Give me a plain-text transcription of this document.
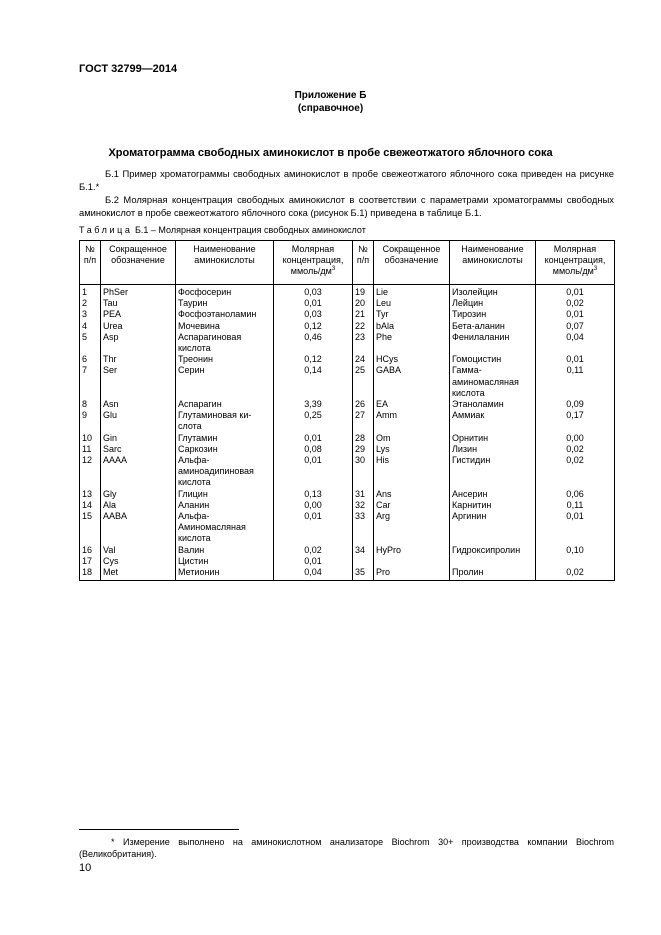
ГОСТ 32799—2014
Приложение Б
(справочное)
Хроматограмма свободных аминокислот в пробе свежеотжатого яблочного сока
Б.1 Пример хроматограммы свободных аминокислот в пробе свежеотжатого яблочного сока приведен на рисунке Б.1.*
Б.2 Молярная концентрация свободных аминокислот в соответствии с параметрами хроматограммы свободных аминокислот в пробе свежеотжатого яблочного сока (рисунок Б.1) приведена в таблице Б.1.
Таблица Б.1 – Молярная концентрация свободных аминокислот
№ п/п	Сокращенное обозначение	Наименование аминокислоты	Молярная концентрация, ммоль/$дм^3$	№ п/п	Сокращенное обозначение	Наименование аминокислоты	Молярная концентрация, ммоль/$дм^3$
1	PhSer	Фосфосерин	0,03	19	Lie	Изолейцин	0,01
2	Tau	Таурин	0,01	20	Leu	Лейцин	0,02
3	PEA	Фосфоэтаноламин	0,03	21	Tyr	Тирозин	0,01
4	Urea	Мочевина	0,12	22	bAla	Бета-аланин	0,07
5	Asp	Аспарагиновая	0,46	23	Phe	Фенилаланин	0,04
		кислота					
6	Thr	Треонин	0,12	24	HCys	Гомоцистин	0,01
7	Ser	Серин	0,14	25	GABA	Гамма-	0,11
						аминомасляная	
						кислота	
8	Asn	Аспарагин	3,39	26	EA	Этаноламин	0,09
9	Glu	Глутаминовая ки-	0,25	27	Amm	Аммиак	0,17
		слота					
10	Gin	Глутамин	0,01	28	Om	Орнитин	0,00
11	Sarc	Саркозин	0,08	29	Lys	Лизин	0,02
12	AAAA	Альфа-	0,01	30	His	Гистидин	0,02
		аминоадипиновая					
		кислота					
13	Gly	Глицин	0,13	31	Ans	Ансерин	0,06
14	Ala	Аланин	0,00	32	Car	Карнитин	0,11
15	AABA	Альфа-	0,01	33	Arg	Аргинин	0,01
		Аминомасляная					
		кислота					
16	Val	Валин	0,02	34	HyPro	Гидроксипролин	0,10
17	Cys	Цистин	0,01				
18	Met	Метионин	0,04	35	Pro	Пролин	0,02
* Измерение выполнено на аминокислотном анализаторе Biochrom 30+ производства компании Biochrom (Великобритания).
10
